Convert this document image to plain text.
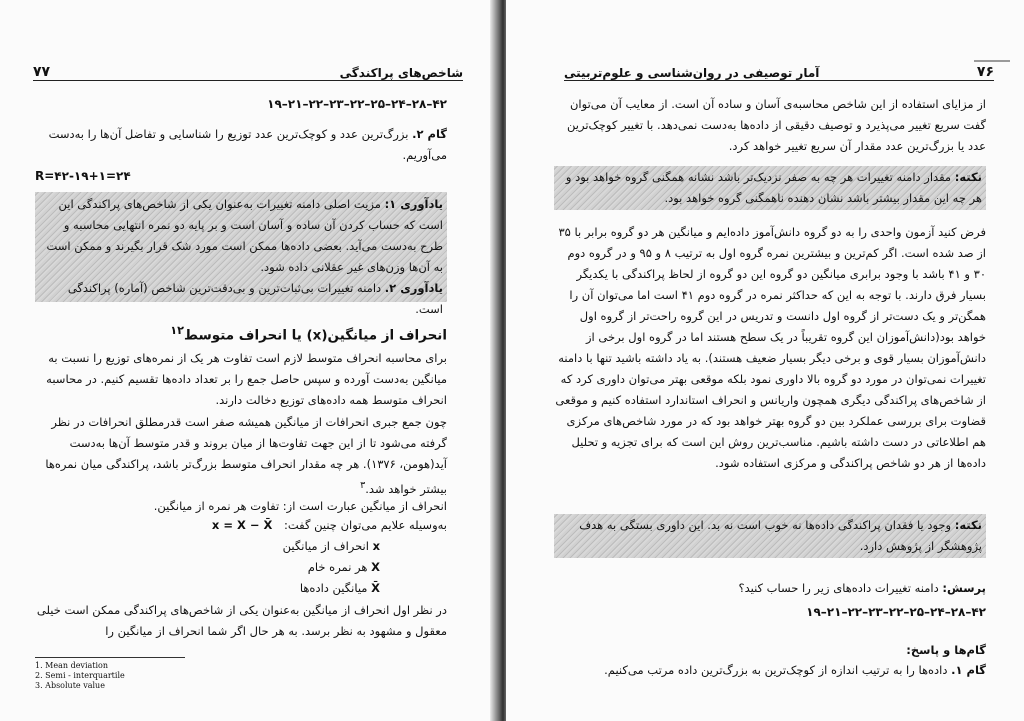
شاخص‌های پراکندگی
۷۷
۱۹–۲۱–۲۲–۲۳–۲۲–۲۵–۲۴–۲۸–۴۲
گام ۲. بزرگ‌ترین عدد و کوچک‌ترین عدد توزیع را شناسایی و تفاضل آن‌ها را به‌دست می‌آوریم.
R=۴۲-۱۹+۱=۲۴
یادآوری ۱: مزیت اصلی دامنه تغییرات به‌عنوان یکی از شاخص‌های پراکندگی این است که حساب کردن آن ساده و آسان است و بر پایه دو نمره انتهایی محاسبه و طرح به‌دست می‌آید. بعضی داده‌ها ممکن است مورد شک قرار بگیرند و ممکن است به آن‌ها وزن‌های غیر عقلانی داده شود.
یادآوری ۲. دامنه تغییرات بی‌ثبات‌ترین و بی‌دقت‌ترین شاخص (آماره) پراکندگی است.
انحراف از میانگین(x) یا انحراف متوسط$^{۱۲}$
برای محاسبه انحراف متوسط لازم است تفاوت هر یک از نمره‌های توزیع را نسبت به میانگین به‌دست آورده و سپس حاصل جمع را بر تعداد داده‌ها تقسیم کنیم. در محاسبه انحراف متوسط همه داده‌های توزیع دخالت دارند.
چون جمع جبری انحرافات از میانگین همیشه صفر است قدرمطلق انحرافات در نظر گرفته می‌شود تا از این جهت تفاوت‌ها از میان بروند و قدر متوسط آن‌ها به‌دست آید(هومن، ۱۳۷۶). هر چه مقدار انحراف متوسط بزرگ‌تر باشد، پراکندگی میان نمره‌ها بیشتر خواهد شد.$^۳$
انحراف از میانگین عبارت است از: تفاوت هر نمره از میانگین.
به‌وسیله علایم می‌توان چنین گفت: x = X − X̄
x انحراف از میانگین
X هر نمره خام
X̄ میانگین داده‌ها
در نظر اول انحراف از میانگین به‌عنوان یکی از شاخص‌های پراکندگی ممکن است خیلی معقول و مشهود به نظر برسد. به هر حال اگر شما انحراف از میانگین را
1. Mean deviation
2. Semi - interquartile
3. Absolute value
۷۶
آمار توصیفی در روان‌شناسی و علوم‌تربیتی
از مزایای استفاده از این شاخص محاسبه‌ی آسان و ساده آن است. از معایب آن می‌توان گفت سریع تغییر می‌پذیرد و توصیف دقیقی از داده‌ها به‌دست نمی‌دهد. با تغییر کوچک‌ترین عدد یا بزرگ‌ترین عدد مقدار آن سریع تغییر خواهد کرد.
نکته: مقدار دامنه تغییرات هر چه به صفر نزدیک‌تر باشد نشانه همگنی گروه خواهد بود و هر چه این مقدار بیشتر باشد نشان دهنده ناهمگنی گروه خواهد بود.
فرض کنید آزمون واحدی را به دو گروه دانش‌آموز داده‌ایم و میانگین هر دو گروه برابر با ۳۵ از صد شده است. اگر کم‌ترین و بیشترین نمره گروه اول به ترتیب ۸ و ۹۵ و در گروه دوم ۳۰ و ۴۱ باشد با وجود برابری میانگین دو گروه این دو گروه از لحاظ پراکندگی با یکدیگر بسیار فرق دارند. با توجه به این که حداکثر نمره در گروه دوم ۴۱ است اما می‌توان آن را همگن‌تر و یک دست‌تر از گروه اول دانست و تدریس در این گروه راحت‌تر از گروه اول خواهد بود(دانش‌آموزان این گروه تقریباً در یک سطح هستند اما در گروه اول برخی از دانش‌آموزان بسیار قوی و برخی دیگر بسیار ضعیف هستند). به یاد داشته باشید تنها با دامنه تغییرات نمی‌توان در مورد دو گروه بالا داوری نمود بلکه موقعی بهتر می‌توان داوری کرد که از شاخص‌های پراکندگی دیگری همچون واریانس و انحراف استاندارد استفاده کنیم و موقعی قضاوت برای بررسی عملکرد بین دو گروه بهتر خواهد بود که در مورد شاخص‌های مرکزی هم اطلاعاتی در دست داشته باشیم. مناسب‌ترین روش این است که برای تجزیه و تحلیل داده‌ها از هر دو شاخص پراکندگی و مرکزی استفاده شود.
نکته: وجود یا فقدان پراکندگی داده‌ها نه خوب است نه بد. این داوری بستگی به هدف پژوهشگر از پژوهش دارد.
پرسش: دامنه تغییرات داده‌های زیر را حساب کنید؟
۱۹–۲۱–۲۲–۲۳–۲۲–۲۵–۲۴–۲۸–۴۲
گام‌ها و پاسخ:
گام ۱. داده‌ها را به ترتیب اندازه از کوچک‌ترین به بزرگ‌ترین داده مرتب می‌کنیم.
